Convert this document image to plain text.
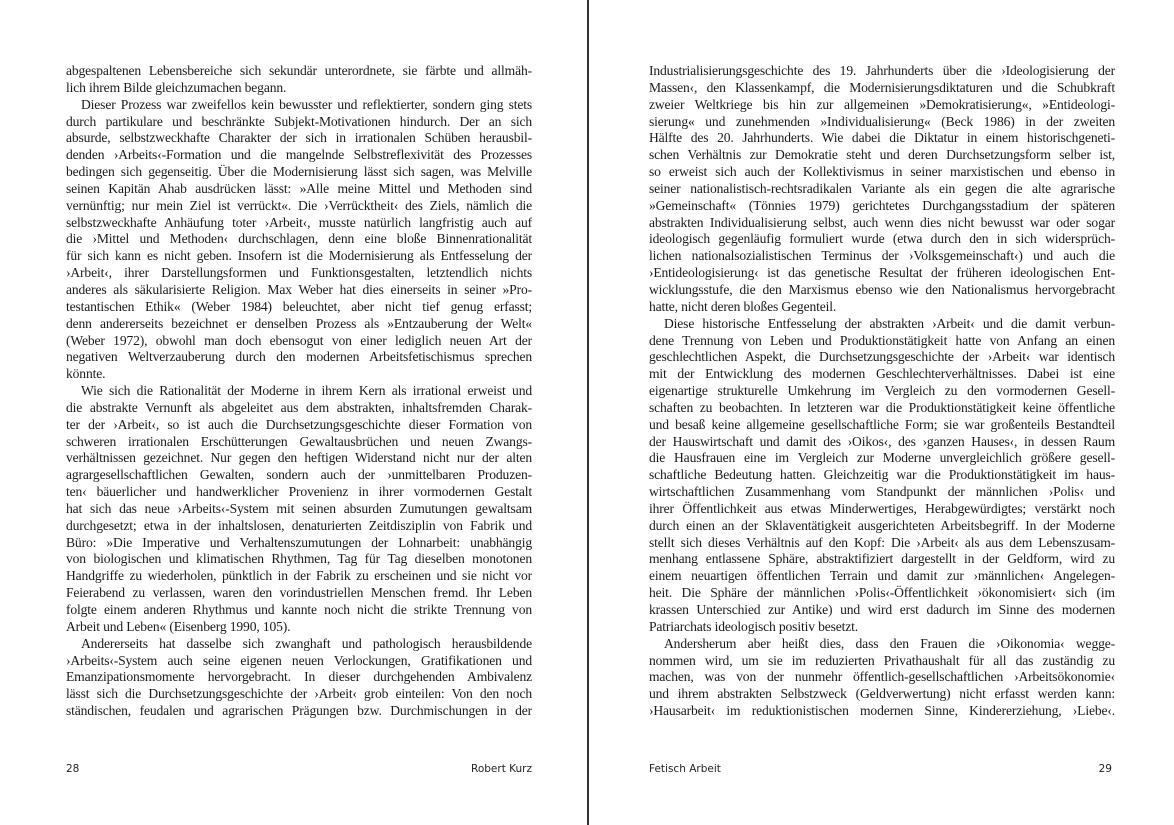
abgespaltenen Lebensbereiche sich sekundär unterordnete, sie färbte und allmäh-
lich ihrem Bilde gleichzumachen begann.
Dieser Prozess war zweifellos kein bewusster und reflektierter, sondern ging stets
durch partikulare und beschränkte Subjekt-Motivationen hindurch. Der an sich
absurde, selbstzweckhafte Charakter der sich in irrationalen Schüben herausbil-
denden ›Arbeits‹-Formation und die mangelnde Selbstreflexivität des Prozesses
bedingen sich gegenseitig. Über die Modernisierung lässt sich sagen, was Melville
seinen Kapitän Ahab ausdrücken lässt: »Alle meine Mittel und Methoden sind
vernünftig; nur mein Ziel ist verrückt«. Die ›Verrücktheit‹ des Ziels, nämlich die
selbstzweckhafte Anhäufung toter ›Arbeit‹, musste natürlich langfristig auch auf
die ›Mittel und Methoden‹ durchschlagen, denn eine bloße Binnenrationalität
für sich kann es nicht geben. Insofern ist die Modernisierung als Entfesselung der
›Arbeit‹, ihrer Darstellungsformen und Funktionsgestalten, letztendlich nichts
anderes als säkularisierte Religion. Max Weber hat dies einerseits in seiner »Pro-
testantischen Ethik« (Weber 1984) beleuchtet, aber nicht tief genug erfasst;
denn andererseits bezeichnet er denselben Prozess als »Entzauberung der Welt«
(Weber 1972), obwohl man doch ebensogut von einer lediglich neuen Art der
negativen Weltverzauberung durch den modernen Arbeitsfetischismus sprechen
könnte.
Wie sich die Rationalität der Moderne in ihrem Kern als irrational erweist und
die abstrakte Vernunft als abgeleitet aus dem abstrakten, inhaltsfremden Charak-
ter der ›Arbeit‹, so ist auch die Durchsetzungsgeschichte dieser Formation von
schweren irrationalen Erschütterungen Gewaltausbrüchen und neuen Zwangs-
verhältnissen gezeichnet. Nur gegen den heftigen Widerstand nicht nur der alten
agrargesellschaftlichen Gewalten, sondern auch der ›unmittelbaren Produzen-
ten‹ bäuerlicher und handwerklicher Provenienz in ihrer vormodernen Gestalt
hat sich das neue ›Arbeits‹-System mit seinen absurden Zumutungen gewaltsam
durchgesetzt; etwa in der inhaltslosen, denaturierten Zeitdisziplin von Fabrik und
Büro: »Die Imperative und Verhaltenszumutungen der Lohnarbeit: unabhängig
von biologischen und klimatischen Rhythmen, Tag für Tag dieselben monotonen
Handgriffe zu wiederholen, pünktlich in der Fabrik zu erscheinen und sie nicht vor
Feierabend zu verlassen, waren den vorindustriellen Menschen fremd. Ihr Leben
folgte einem anderen Rhythmus und kannte noch nicht die strikte Trennung von
Arbeit und Leben« (Eisenberg 1990, 105).
Andererseits hat dasselbe sich zwanghaft und pathologisch herausbildende
›Arbeits‹-System auch seine eigenen neuen Verlockungen, Gratifikationen und
Emanzipationsmomente hervorgebracht. In dieser durchgehenden Ambivalenz
lässt sich die Durchsetzungsgeschichte der ›Arbeit‹ grob einteilen: Von den noch
ständischen, feudalen und agrarischen Prägungen bzw. Durchmischungen in der
Industrialisierungsgeschichte des 19. Jahrhunderts über die ›Ideologisierung der
Massen‹, den Klassenkampf, die Modernisierungsdiktaturen und die Schubkraft
zweier Weltkriege bis hin zur allgemeinen »Demokratisierung«, »Entideologi-
sierung« und zunehmenden »Individualisierung« (Beck 1986) in der zweiten
Hälfte des 20. Jahrhunderts. Wie dabei die Diktatur in einem historischgeneti-
schen Verhältnis zur Demokratie steht und deren Durchsetzungsform selber ist,
so erweist sich auch der Kollektivismus in seiner marxistischen und ebenso in
seiner nationalistisch-rechtsradikalen Variante als ein gegen die alte agrarische
»Gemeinschaft« (Tönnies 1979) gerichtetes Durchgangsstadium der späteren
abstrakten Individualisierung selbst, auch wenn dies nicht bewusst war oder sogar
ideologisch gegenläufig formuliert wurde (etwa durch den in sich widersprüch-
lichen nationalsozialistischen Terminus der ›Volksgemeinschaft‹) und auch die
›Entideologisierung‹ ist das genetische Resultat der früheren ideologischen Ent-
wicklungsstufe, die den Marxismus ebenso wie den Nationalismus hervorgebracht
hatte, nicht deren bloßes Gegenteil.
Diese historische Entfesselung der abstrakten ›Arbeit‹ und die damit verbun-
dene Trennung von Leben und Produktionstätigkeit hatte von Anfang an einen
geschlechtlichen Aspekt, die Durchsetzungsgeschichte der ›Arbeit‹ war identisch
mit der Entwicklung des modernen Geschlechterverhältnisses. Dabei ist eine
eigenartige strukturelle Umkehrung im Vergleich zu den vormodernen Gesell-
schaften zu beobachten. In letzteren war die Produktionstätigkeit keine öffentliche
und besaß keine allgemeine gesellschaftliche Form; sie war großenteils Bestandteil
der Hauswirtschaft und damit des ›Oikos‹, des ›ganzen Hauses‹, in dessen Raum
die Hausfrauen eine im Vergleich zur Moderne unvergleichlich größere gesell-
schaftliche Bedeutung hatten. Gleichzeitig war die Produktionstätigkeit im haus-
wirtschaftlichen Zusammenhang vom Standpunkt der männlichen ›Polis‹ und
ihrer Öffentlichkeit aus etwas Minderwertiges, Herabgewürdigtes; verstärkt noch
durch einen an der Sklaventätigkeit ausgerichteten Arbeitsbegriff. In der Moderne
stellt sich dieses Verhältnis auf den Kopf: Die ›Arbeit‹ als aus dem Lebenszusam-
menhang entlassene Sphäre, abstraktifiziert dargestellt in der Geldform, wird zu
einem neuartigen öffentlichen Terrain und damit zur ›männlichen‹ Angelegen-
heit. Die Sphäre der männlichen ›Polis‹-Öffentlichkeit ›ökonomisiert‹ sich (im
krassen Unterschied zur Antike) und wird erst dadurch im Sinne des modernen
Patriarchats ideologisch positiv besetzt.
Andersherum aber heißt dies, dass den Frauen die ›Oikonomia‹ wegge-
nommen wird, um sie im reduzierten Privathaushalt für all das zuständig zu
machen, was von der nunmehr öffentlich-gesellschaftlichen ›Arbeitsökonomie‹
und ihrem abstrakten Selbstzweck (Geldverwertung) nicht erfasst werden kann:
›Hausarbeit‹ im reduktionistischen modernen Sinne, Kindererziehung, ›Liebe‹.
28	Robert Kurz	Fetisch Arbeit	29
